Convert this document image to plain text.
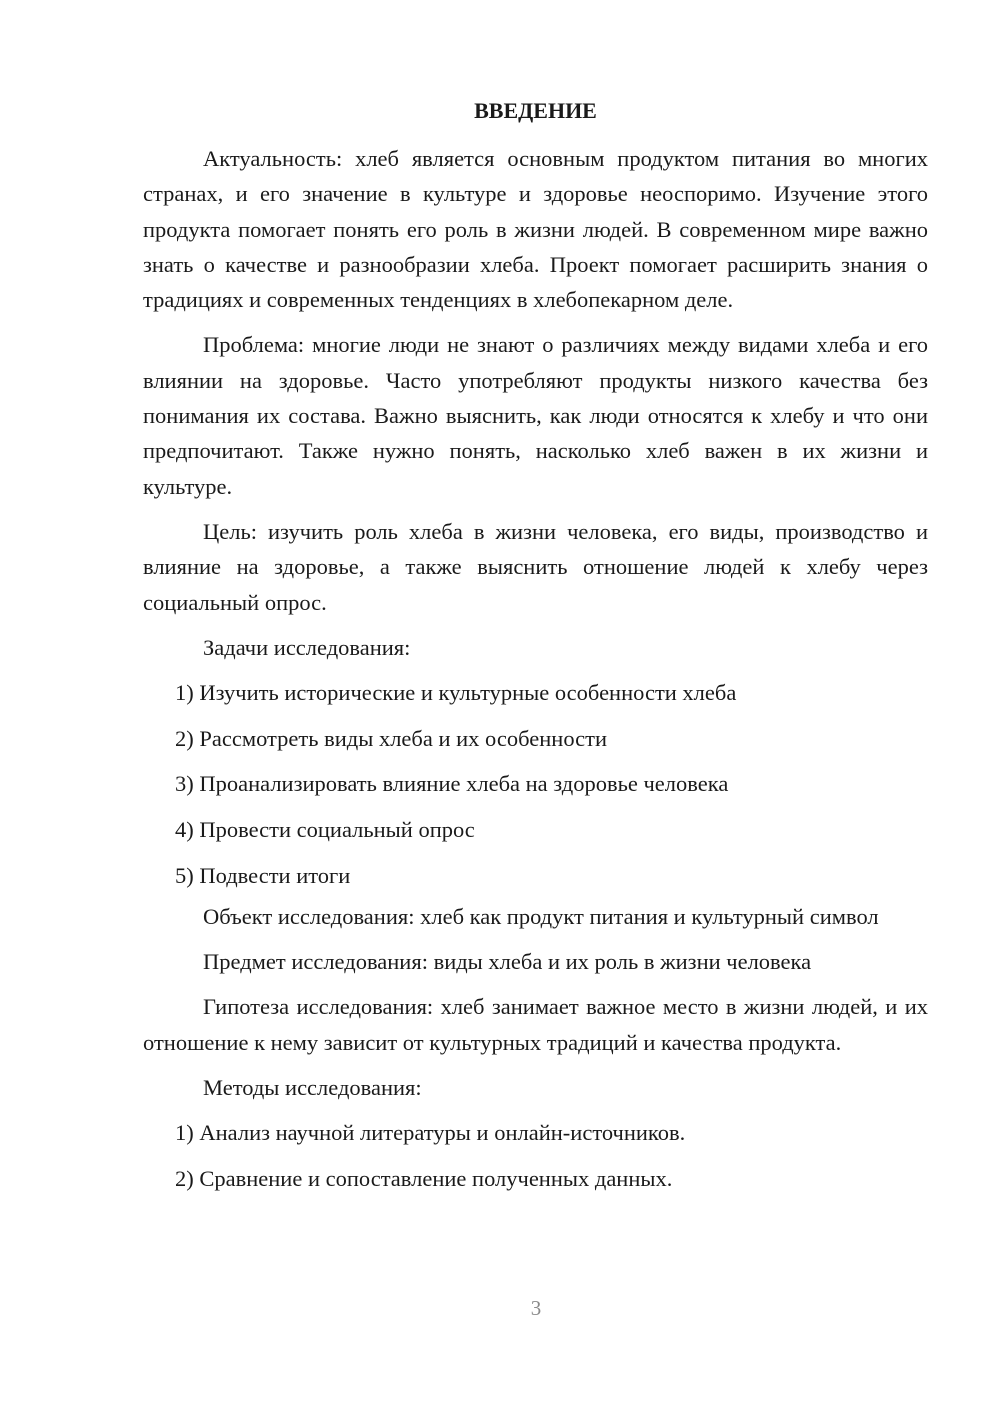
ВВЕДЕНИЕ

Актуальность: хлеб является основным продуктом питания во многих странах, и его значение в культуре и здоровье неоспоримо. Изучение этого продукта помогает понять его роль в жизни людей. В современном мире важно знать о качестве и разнообразии хлеба. Проект помогает расширить знания о традициях и современных тенденциях в хлебопекарном деле.

Проблема: многие люди не знают о различиях между видами хлеба и его влиянии на здоровье. Часто употребляют продукты низкого качества без понимания их состава. Важно выяснить, как люди относятся к хлебу и что они предпочитают. Также нужно понять, насколько хлеб важен в их жизни и культуре.

Цель: изучить роль хлеба в жизни человека, его виды, производство и влияние на здоровье, а также выяснить отношение людей к хлебу через социальный опрос.

Задачи исследования:

1) Изучить исторические и культурные особенности хлеба

2) Рассмотреть виды хлеба и их особенности

3) Проанализировать влияние хлеба на здоровье человека

4) Провести социальный опрос

5) Подвести итоги

Объект исследования: хлеб как продукт питания и культурный символ

Предмет исследования: виды хлеба и их роль в жизни человека

Гипотеза исследования: хлеб занимает важное место в жизни людей, и их отношение к нему зависит от культурных традиций и качества продукта.

Методы исследования:

1) Анализ научной литературы и онлайн-источников.

2) Сравнение и сопоставление полученных данных.

3
